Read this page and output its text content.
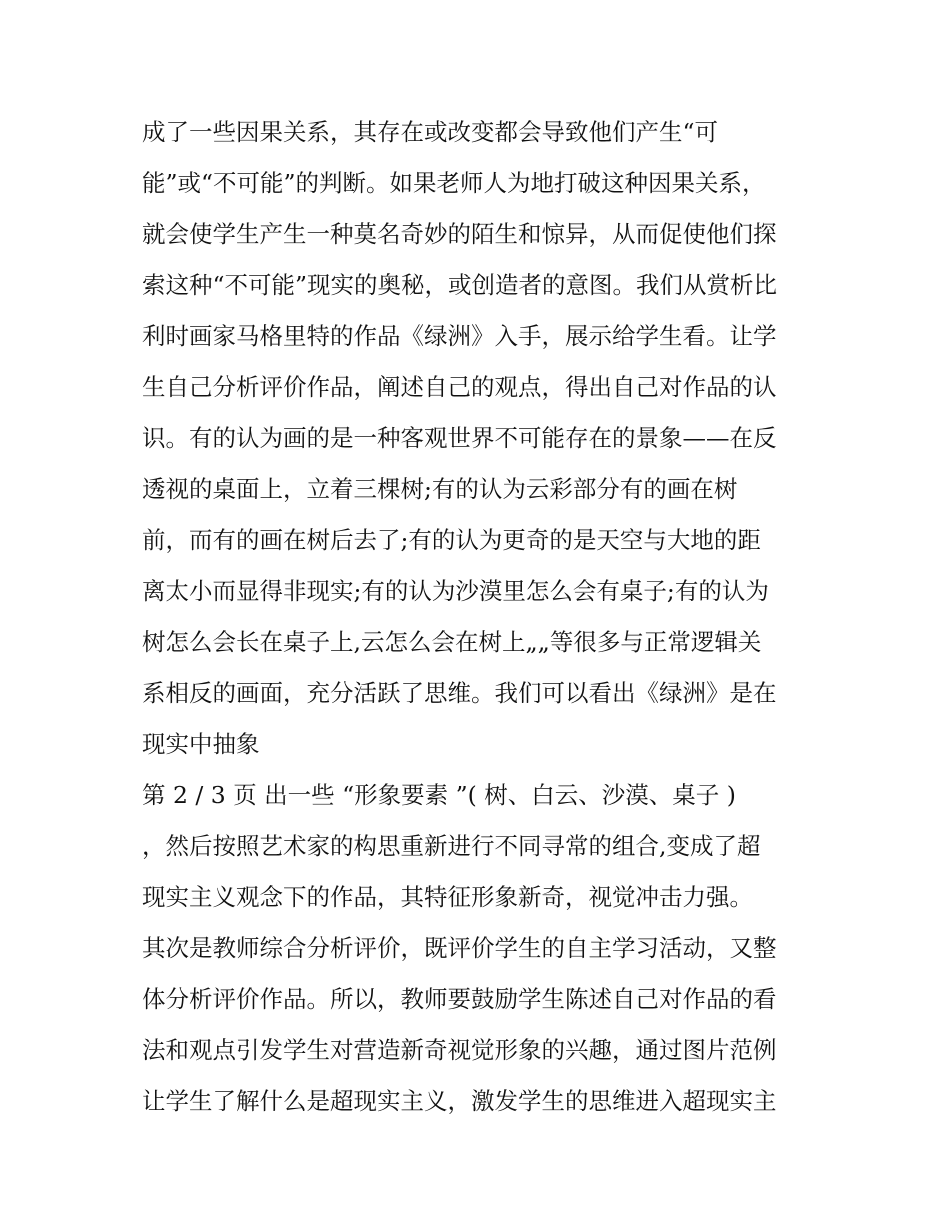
成了一些因果关系，其存在或改变都会导致他们产生“可
能”或“不可能”的判断。如果老师人为地打破这种因果关系，
就会使学生产生一种莫名奇妙的陌生和惊异，从而促使他们探
索这种“不可能”现实的奥秘，或创造者的意图。我们从赏析比
利时画家马格里特的作品《绿洲》入手，展示给学生看。让学
生自己分析评价作品，阐述自己的观点，得出自己对作品的认
识。有的认为画的是一种客观世界不可能存在的景象——在反
透视的桌面上，立着三棵树;有的认为云彩部分有的画在树
前，而有的画在树后去了;有的认为更奇的是天空与大地的距
离太小而显得非现实;有的认为沙漠里怎么会有桌子;有的认为
树怎么会长在桌子上,云怎么会在树上„„等很多与正常逻辑关
系相反的画面，充分活跃了思维。我们可以看出《绿洲》是在
现实中抽象
第 2 / 3 页 出一些 “形象要素 ”( 树、白云、沙漠、桌子 )
，然后按照艺术家的构思重新进行不同寻常的组合,变成了超
现实主义观念下的作品，其特征形象新奇，视觉冲击力强。
其次是教师综合分析评价，既评价学生的自主学习活动，又整
体分析评价作品。所以，教师要鼓励学生陈述自己对作品的看
法和观点引发学生对营造新奇视觉形象的兴趣，通过图片范例
让学生了解什么是超现实主义，激发学生的思维进入超现实主
